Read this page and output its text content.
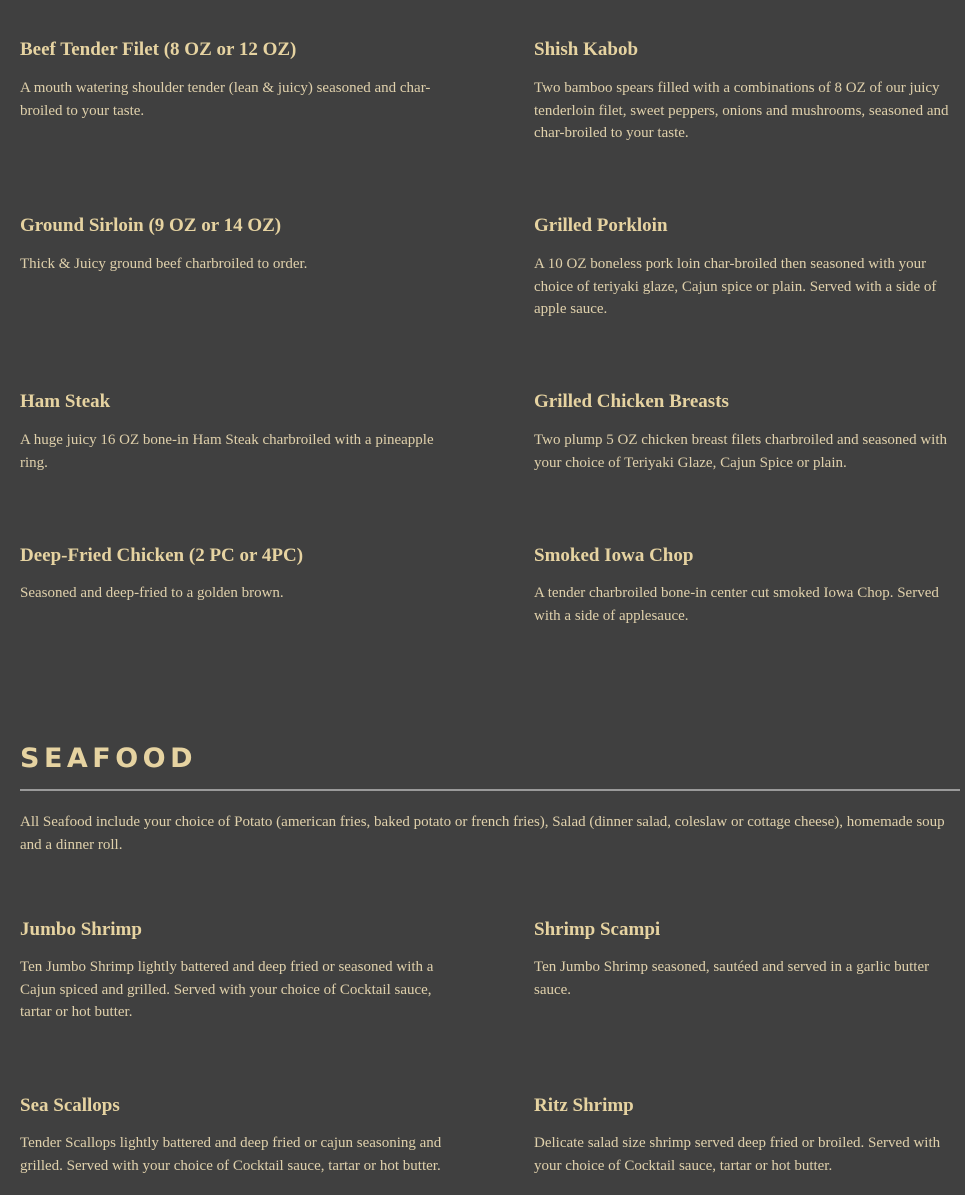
Beef Tender Filet (8 OZ or 12 OZ)

A mouth watering shoulder tender (lean & juicy) seasoned and char-broiled to your taste.

Shish Kabob

Two bamboo spears filled with a combinations of 8 OZ of our juicy tenderloin filet, sweet peppers, onions and mushrooms, seasoned and char-broiled to your taste.

Ground Sirloin (9 OZ or 14 OZ)

Thick & Juicy ground beef charbroiled to order.

Grilled Porkloin

A 10 OZ boneless pork loin char-broiled then seasoned with your choice of teriyaki glaze, Cajun spice or plain. Served with a side of apple sauce.

Ham Steak

A huge juicy 16 OZ bone-in Ham Steak charbroiled with a pineapple ring.

Grilled Chicken Breasts

Two plump 5 OZ chicken breast filets charbroiled and seasoned with your choice of Teriyaki Glaze, Cajun Spice or plain.

Deep-Fried Chicken (2 PC or 4PC)

Seasoned and deep-fried to a golden brown.

Smoked Iowa Chop

A tender charbroiled bone-in center cut smoked Iowa Chop. Served with a side of applesauce.

SEAFOOD

All Seafood include your choice of Potato (american fries, baked potato or french fries), Salad (dinner salad, coleslaw or cottage cheese), homemade soup and a dinner roll.

Jumbo Shrimp

Ten Jumbo Shrimp lightly battered and deep fried or seasoned with a Cajun spiced and grilled. Served with your choice of Cocktail sauce, tartar or hot butter.

Shrimp Scampi

Ten Jumbo Shrimp seasoned, sautéed and served in a garlic butter sauce.

Sea Scallops

Tender Scallops lightly battered and deep fried or cajun seasoning and grilled. Served with your choice of Cocktail sauce, tartar or hot butter.

Ritz Shrimp

Delicate salad size shrimp served deep fried or broiled. Served with your choice of Cocktail sauce, tartar or hot butter.
